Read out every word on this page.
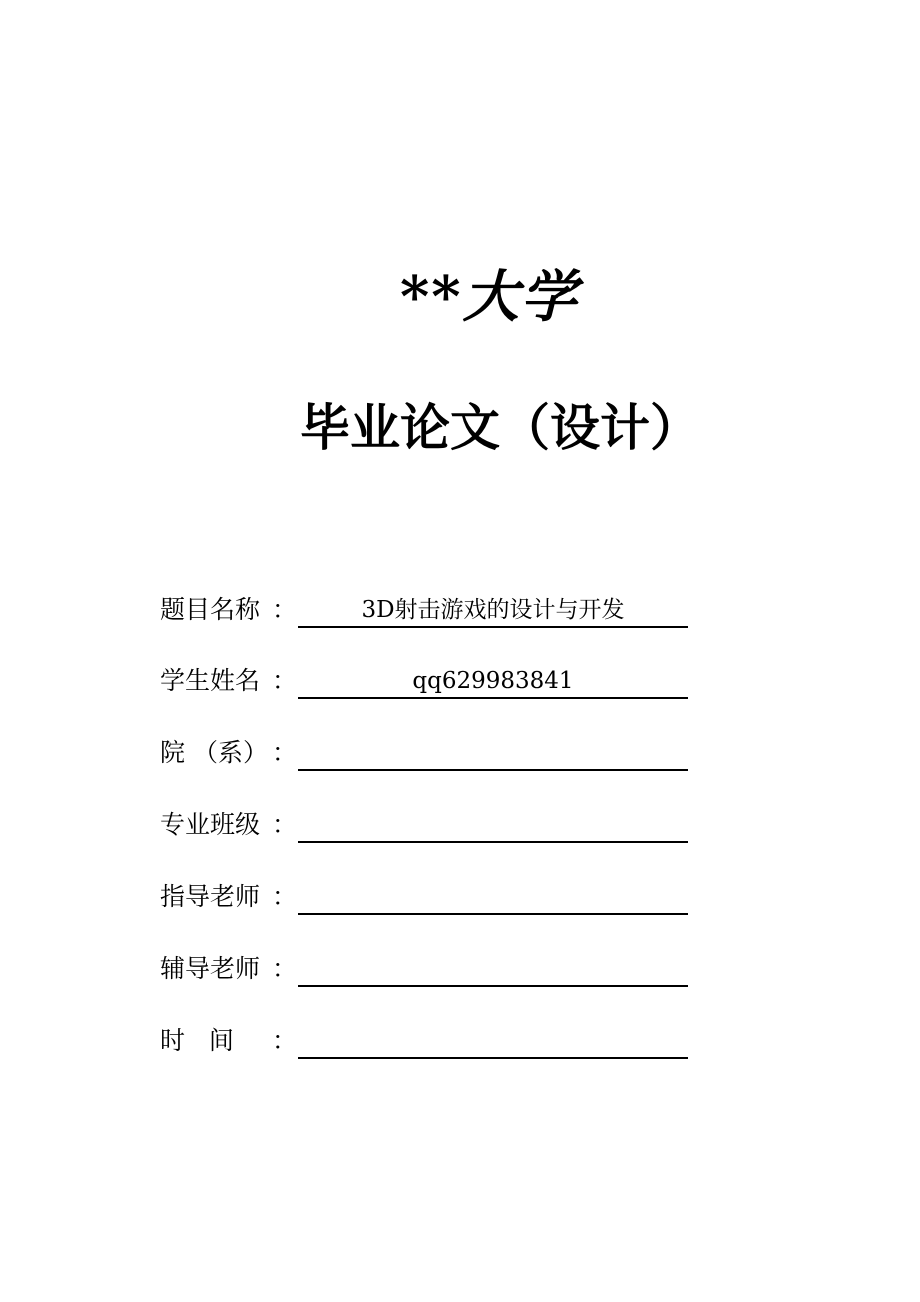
**大学
毕业论文（设计）
题目名称 ：	3D射击游戏的设计与开发
学生姓名 ：	qq629983841
院 （系） ：
专业班级 ：
指导老师 ：
辅导老师 ：
时   间	：
